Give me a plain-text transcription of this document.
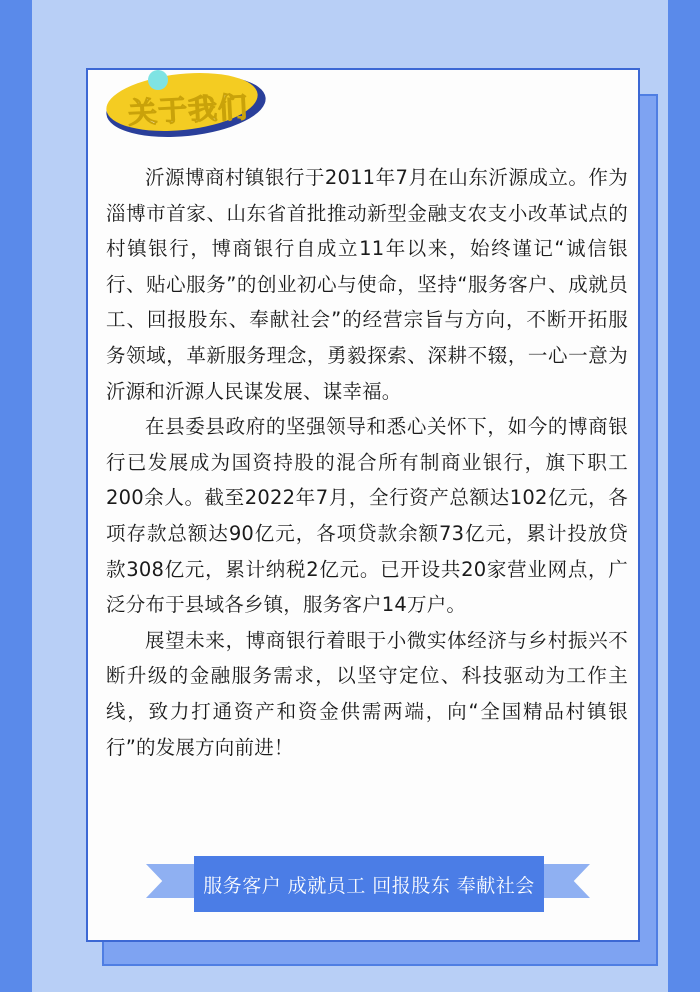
关于我们

沂源博商村镇银行于2011年7月在山东沂源成立。作为淄博市首家、山东省首批推动新型金融支农支小改革试点的村镇银行，博商银行自成立11年以来，始终谨记“诚信银行、贴心服务”的创业初心与使命，坚持“服务客户、成就员工、回报股东、奉献社会”的经营宗旨与方向，不断开拓服务领域，革新服务理念，勇毅探索、深耕不辍，一心一意为沂源和沂源人民谋发展、谋幸福。

在县委县政府的坚强领导和悉心关怀下，如今的博商银行已发展成为国资持股的混合所有制商业银行，旗下职工200余人。截至2022年7月，全行资产总额达102亿元，各项存款总额达90亿元，各项贷款余额73亿元，累计投放贷款308亿元，累计纳税2亿元。已开设共20家营业网点，广泛分布于县域各乡镇，服务客户14万户。

展望未来，博商银行着眼于小微实体经济与乡村振兴不断升级的金融服务需求，以坚守定位、科技驱动为工作主线，致力打通资产和资金供需两端，向“全国精品村镇银行”的发展方向前进！

服务客户 成就员工 回报股东 奉献社会
